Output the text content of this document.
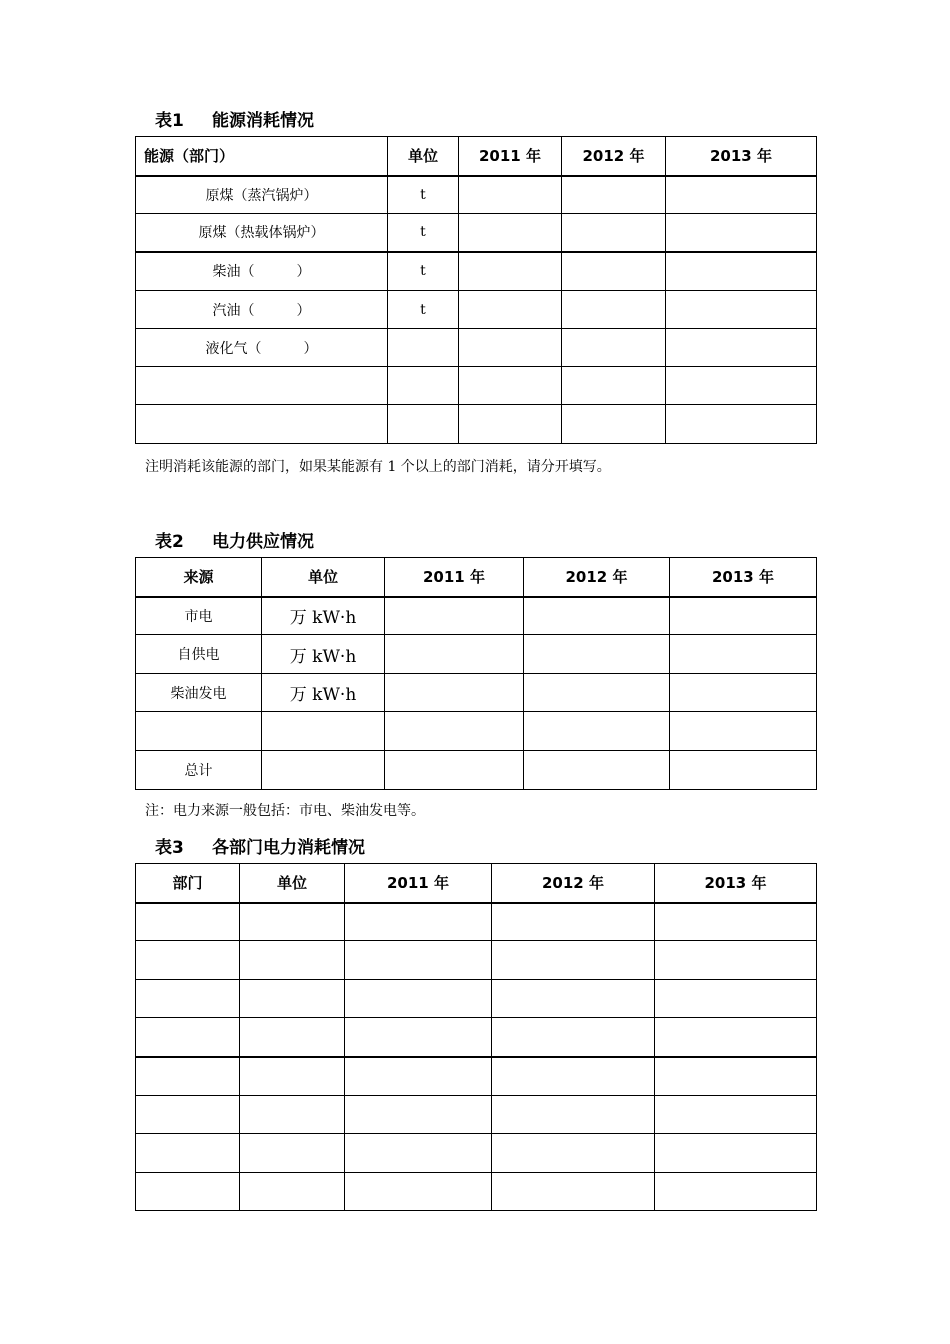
表1 能源消耗情况
能源（部门）	单位	2011 年	2012 年	2013 年
原煤（蒸汽锅炉）	t			
原煤（热载体锅炉）	t			
柴油（　　　）	t			
汽油（　　　）	t			
液化气（　　　）				

注明消耗该能源的部门，如果某能源有 1 个以上的部门消耗，请分开填写。
表2 电力供应情况
来源	单位	2011 年	2012 年	2013 年
市电	万 kW·h			
自供电	万 kW·h			
柴油发电	万 kW·h			

总计				
注：电力来源一般包括：市电、柴油发电等。
表3 各部门电力消耗情况
部门	单位	2011 年	2012 年	2013 年
